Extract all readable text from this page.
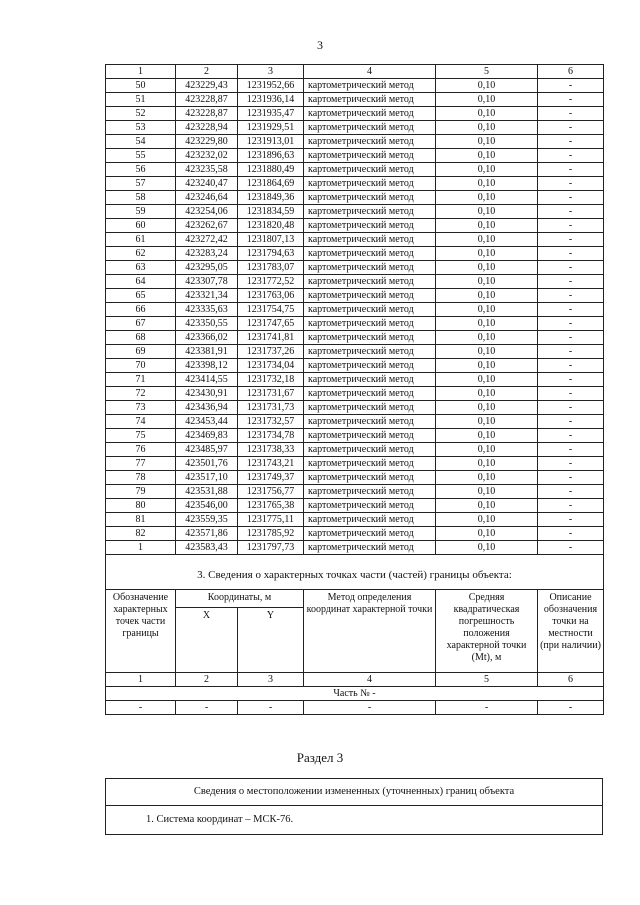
3
1	2	3	4	5	6
50	423229,43	1231952,66	картометрический метод	0,10	-
51	423228,87	1231936,14	картометрический метод	0,10	-
52	423228,87	1231935,47	картометрический метод	0,10	-
53	423228,94	1231929,51	картометрический метод	0,10	-
54	423229,80	1231913,01	картометрический метод	0,10	-
55	423232,02	1231896,63	картометрический метод	0,10	-
56	423235,58	1231880,49	картометрический метод	0,10	-
57	423240,47	1231864,69	картометрический метод	0,10	-
58	423246,64	1231849,36	картометрический метод	0,10	-
59	423254,06	1231834,59	картометрический метод	0,10	-
60	423262,67	1231820,48	картометрический метод	0,10	-
61	423272,42	1231807,13	картометрический метод	0,10	-
62	423283,24	1231794,63	картометрический метод	0,10	-
63	423295,05	1231783,07	картометрический метод	0,10	-
64	423307,78	1231772,52	картометрический метод	0,10	-
65	423321,34	1231763,06	картометрический метод	0,10	-
66	423335,63	1231754,75	картометрический метод	0,10	-
67	423350,55	1231747,65	картометрический метод	0,10	-
68	423366,02	1231741,81	картометрический метод	0,10	-
69	423381,91	1231737,26	картометрический метод	0,10	-
70	423398,12	1231734,04	картометрический метод	0,10	-
71	423414,55	1231732,18	картометрический метод	0,10	-
72	423430,91	1231731,67	картометрический метод	0,10	-
73	423436,94	1231731,73	картометрический метод	0,10	-
74	423453,44	1231732,57	картометрический метод	0,10	-
75	423469,83	1231734,78	картометрический метод	0,10	-
76	423485,97	1231738,33	картометрический метод	0,10	-
77	423501,76	1231743,21	картометрический метод	0,10	-
78	423517,10	1231749,37	картометрический метод	0,10	-
79	423531,88	1231756,77	картометрический метод	0,10	-
80	423546,00	1231765,38	картометрический метод	0,10	-
81	423559,35	1231775,11	картометрический метод	0,10	-
82	423571,86	1231785,92	картометрический метод	0,10	-
1	423583,43	1231797,73	картометрический метод	0,10	-
3. Сведения о характерных точках части (частей) границы объекта:					
Обозначение характерных точек части границы	Координаты, м		Метод определения координат характерной точки	Средняя квадратическая погрешность положения характерной точки (Mt), м	Описание обозначения точки на местности (при наличии)
	X	Y			
1	2	3	4	5	6
Часть № -					
-	-	-	-	-	-
Раздел 3
Сведения о местоположении измененных (уточненных) границ объекта
1. Система координат – МСК-76.
